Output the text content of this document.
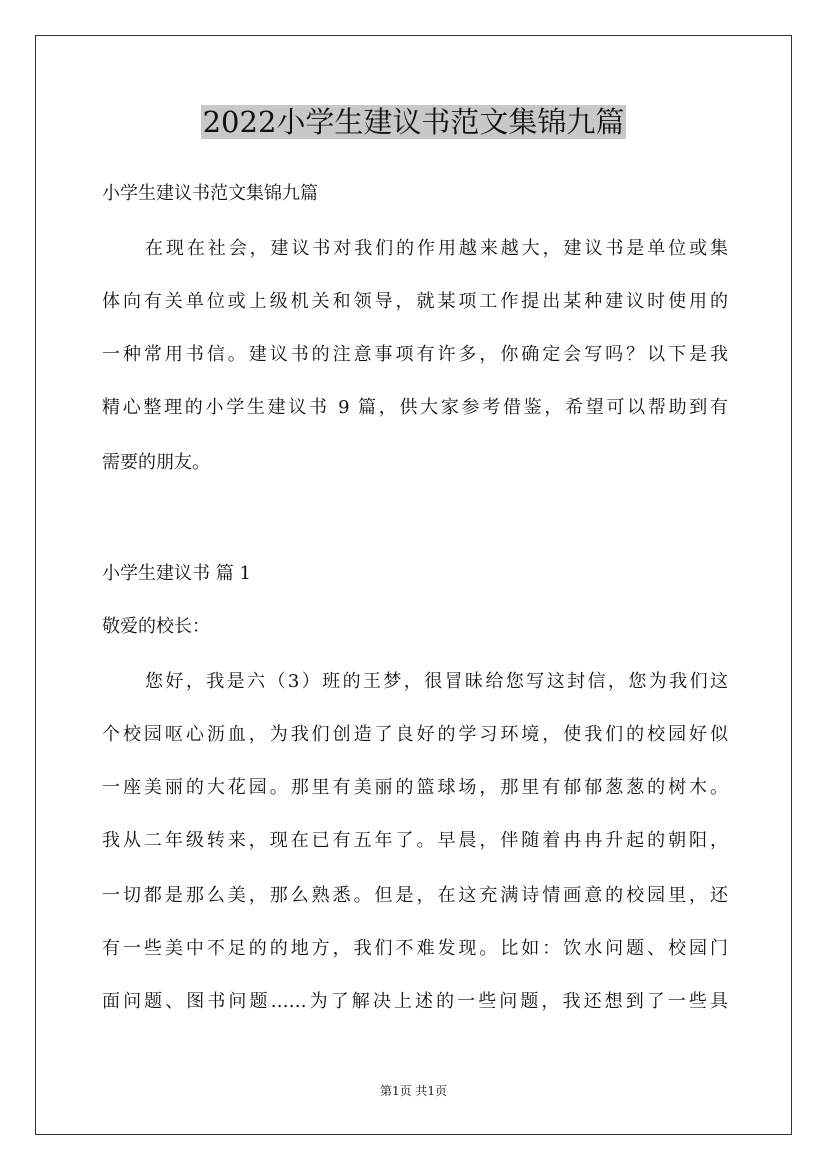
2022小学生建议书范文集锦九篇
小学生建议书范文集锦九篇
在现在社会，建议书对我们的作用越来越大，建议书是单位或集
体向有关单位或上级机关和领导，就某项工作提出某种建议时使用的
一种常用书信。建议书的注意事项有许多，你确定会写吗？以下是我
精心整理的小学生建议书 9 篇，供大家参考借鉴，希望可以帮助到有
需要的朋友。
小学生建议书 篇 1
敬爱的校长：
您好，我是六（3）班的王梦，很冒昧给您写这封信，您为我们这
个校园呕心沥血，为我们创造了良好的学习环境，使我们的校园好似
一座美丽的大花园。那里有美丽的篮球场，那里有郁郁葱葱的树木。
我从二年级转来，现在已有五年了。早晨，伴随着冉冉升起的朝阳，
一切都是那么美，那么熟悉。但是，在这充满诗情画意的校园里，还
有一些美中不足的的地方，我们不难发现。比如：饮水问题、校园门
面问题、图书问题……为了解决上述的一些问题，我还想到了一些具
第1页 共1页
